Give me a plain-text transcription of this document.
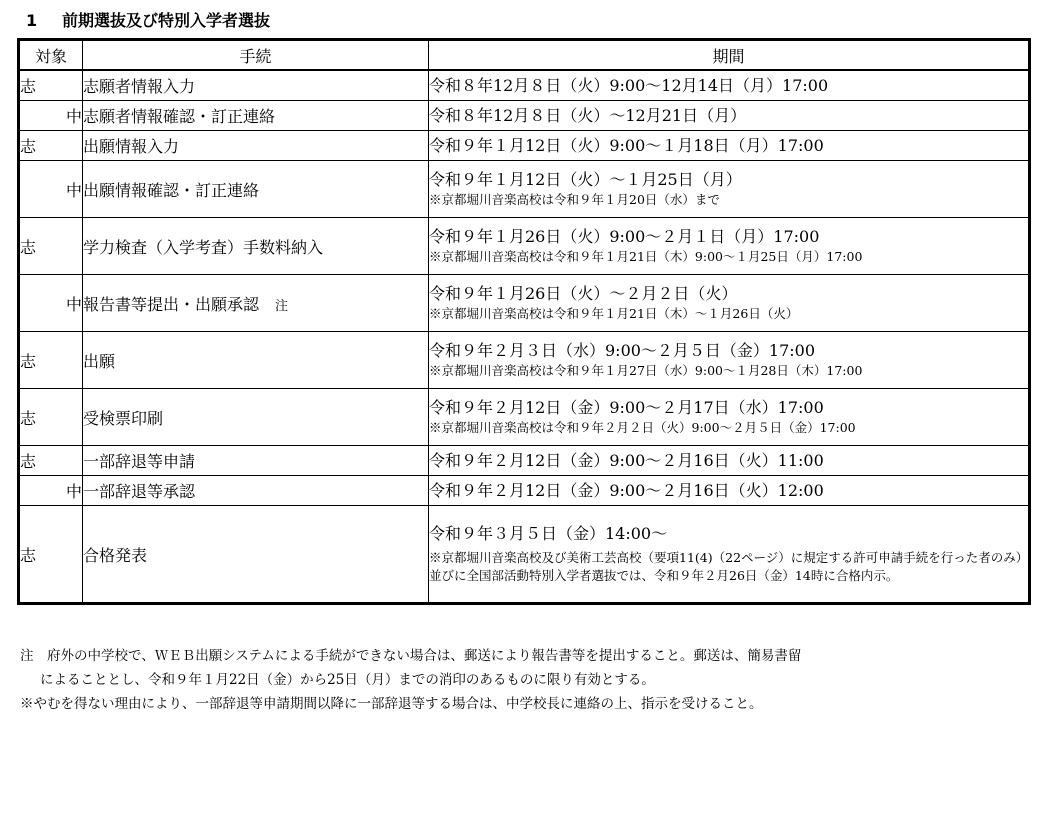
1 前期選抜及び特別入学者選抜
対象	手続	期間

志	志願者情報入力	令和８年12月８日（火）9:00～12月14日（月）17:00

中	志願者情報確認・訂正連絡	令和８年12月８日（火）～12月21日（月）

志	出願情報入力	令和９年１月12日（火）9:00～１月18日（月）17:00

中	出願情報確認・訂正連絡	令和９年１月12日（火）～１月25日（月）
※京都堀川音楽高校は令和９年１月20日（水）まで

志	学力検査（入学考査）手数料納入	令和９年１月26日（火）9:00～２月１日（月）17:00
※京都堀川音楽高校は令和９年１月21日（木）9:00～１月25日（月）17:00

中	報告書等提出・出願承認 注	令和９年１月26日（火）～２月２日（火）
※京都堀川音楽高校は令和９年１月21日（木）～１月26日（火）

志	出願	令和９年２月３日（水）9:00～２月５日（金）17:00
※京都堀川音楽高校は令和９年１月27日（水）9:00～１月28日（木）17:00

志	受検票印刷	令和９年２月12日（金）9:00～２月17日（水）17:00
※京都堀川音楽高校は令和９年２月２日（火）9:00～２月５日（金）17:00

志	一部辞退等申請	令和９年２月12日（金）9:00～２月16日（火）11:00

中	一部辞退等承認	令和９年２月12日（金）9:00～２月16日（火）12:00

志	合格発表	令和９年３月５日（金）14:00～
※京都堀川音楽高校及び美術工芸高校（要項11(4)（22ページ）に規定する許可申請手続を行った者のみ）並びに全国部活動特別入学者選抜では、令和９年２月26日（金）14時に合格内示。
注　府外の中学校で、ＷＥＢ出願システムによる手続ができない場合は、郵送により報告書等を提出すること。郵送は、簡易書留
によることとし、令和９年１月22日（金）から25日（月）までの消印のあるものに限り有効とする。
※やむを得ない理由により、一部辞退等申請期間以降に一部辞退等する場合は、中学校長に連絡の上、指示を受けること。
